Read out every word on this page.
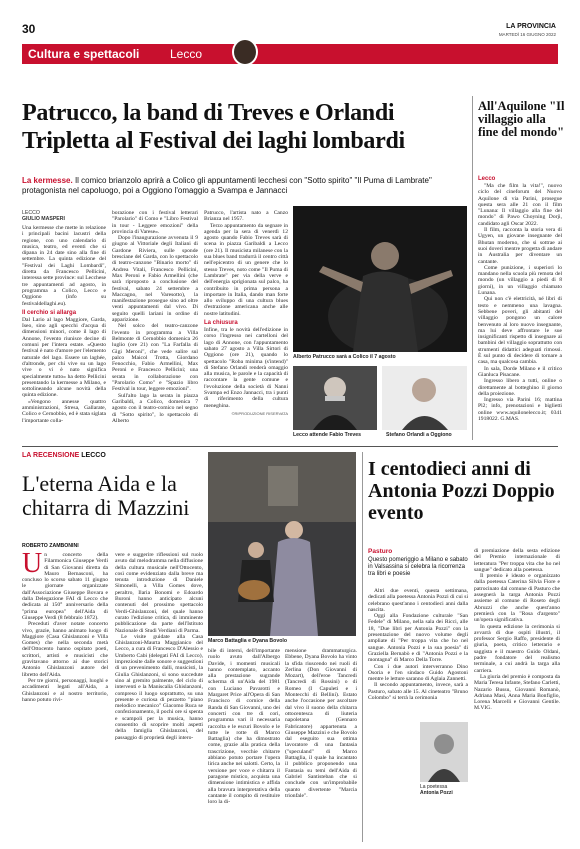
30	LA PROVINCIA
MARTEDÌ 16 GIUGNO 2022
Cultura e spettacoli	Lecco
Patrucco, la band di Treves e Orlandi
Tripletta al Festival dei laghi lombardi
La kermesse. Il comico brianzolo aprirà a Colico gli appuntamenti lecchesi con "Sotto spirito" "Il Puma di Lambrate" protagonista nel capoluogo, poi a Oggiono l'omaggio a Svampa e Jannacci
LECCO
GIULIO MASPERI

Una kermesse che mette in relazione i principali bacini lacustri della regione, con uno calendario di musica, teatro, ed eventi che si dipana in 24 date sino alla fine di settembre. La quinta edizione del "Festival dei Laghi Lombardi", diretta da Francesco Pellicini, interessa sette province: sul Lecchese tre appuntamenti ad agosto, in programma a Colico, Lecco e Oggiono (info su festivaldellaghi.eu).

Il cerchio si allarga

Dal Lario al lago Maggiore, Garda, Iseo, sino agli specchi d'acqua di dimensioni minori, come il lago di Annone, l'evento riunisce decine di comuni per l'intera estate. «Questo festival è nato d'amore per l'elemento naturale del lago. Essere un laghée, d'altronde, per chi vive su un lago vive o vi è nato significa specialmente tutto» ha detto Pellicini presentando la kermesse a Milano, e sottolineando alcune novità della quinta edizione.

«Vengono annesse quattro amministrazioni, Stresa, Gallarate, Colico e Cernobbio, ed è stata siglata l'importante colla-

borazione con i festival letterari "Parolario" di Como e "Libro Festival in tour - Leggere emozioni" della provincia di Varese».

Dopo l'inaugurazione avvenuta il 9 giugno al Vittoriale degli Italiani di Gardone Riviera, sulle sponde bresciane del Garda, con lo spettacolo di teatro-canzone "Binario morto" di Andrea Vitali, Francesco Pellicini, Max Peroni e Fabio Armellini (che sarà riproposto a conclusione del festival, sabato 24 settembre a Maccagno, nel Varesotto), la manifestazione prosegue sino ad oltre venti appuntamenti dal vivo. Di seguito quelli lariani in ordine di apparizione.

Nel solco del teatro-canzone l'evento in programma a Villa Belmonte di Cernobbio domenica 26 luglio (ore 21) con "La Farfalla di Gigi Meroni", che vede salire sul palco Maicol Trotta, Giordano Fenocchio, Fabio Armellini, Max Peroni e Francesco Pellicini; una serata in collaborazione con "Parolario Como" e "Spazio libro Festival in tour, leggere emozioni".

Sull'alto lago la serata in piazza Garibaldi, a Colico, domenica 7 agosto con il teatro-comico nel segno di "Sotto spirito", lo spettacolo di Alberto

Patrucco, l'artista nato a Canzo Brianza nel 1957.

Terzo appuntamento da segnare in agenda per la sera di venerdì 12 agosto quando Fabio Treves sarà di scena in piazza Garibaldi a Lecco (ore 21). Il musicista milanese con la sua blues band tradurrà il centro città nell'epicentro di un genere che lo stesso Treves, noto come "Il Puma di Lambrate" per via della verve e dell'energia sprigionata sul palco, ha contribuito in prima persona a importare in Italia, dando man forte allo sviluppo di una cultura blues d'estrazione americana anche alle nostre latitudini.

La chiusura

Infine, tra le novità dell'edizione in corso l'ingresso nei cartelloni del lago di Annone, con l'appuntamento sabato 27 agosto a Villa Sirtori di Oggiono (ore 21), quando lo spettacolo "Roba minima (s'intend)" di Stefano Orlandi renderà omaggio alla musica, le parole e la capacità di raccontare la gente comune e l'evoluzione della società di Nanni Svampa ed Enzo Jannacci, tra i punti di riferimento della cultura meneghina.

©RIPRODUZIONE RISERVATA
Alberto Patrucco sarà a Colico il 7 agosto
Lecco attende Fabio Treves	Stefano Orlandi a Oggiono
All'Aquilone "Il villaggio alla fine del mondo"
Lecco

"Ma che film la vita!", nuovo ciclo del cineforum del Nuovo Aquilone di via Parini, prosegue questa sera alle 21 con il film "Lunana: Il villaggio alla fine del mondo" di Pawo Choyning Dorji, candidato agli Oscar 2022.

Il film, racconta la storia vera di Ugyen, un giovane insegnante del Bhutan moderno, che si sottrae ai suoi doveri mentre progetta di andare in Australia per diventare un cantante.

Come punizione, i superiori lo mandano nella scuola più remota del mondo (un villaggio a piedi di 8 giorni), in un villaggio chiamato Lunana.

Qui non c'è elettricità, né libri di testo e nemmeno una lavagna. Sebbene poveri, gli abitanti del villaggio pongono un calore benvenuto al loro nuovo insegnante, ma lui deve affrontare le sue insignificanti rispetto di insegnare ai bambini del villaggio soprattutto con strumenti didattici adeguati rimossi. È sul punto di decidere di tornare a casa, ma qualcosa cambia.

In sala, Dorde Milano e il critico Gianluca Pisacane.

Ingresso libero a tutti, online o direttamente al botteghino il giorno della proiezione.

Ingresso via Parini 16; mattina Pl2; info, prenotazioni e biglietti online www.aquilonelecco.it; 0341 1918022. G.MAS.

LA RECENSIONE LECCO
L'eterna Aida e la chitarra di Mazzini
ROBERTO ZAMBONINI

Un concerto della Filarmonica Giuseppe Verdi di San Giovanni diretta da Mauro Bernasconi, ha concluso lo scorso sabato 11 giugno le giornate organizzate dall'Associazione Giuseppe Bovara e dalla Delegazione FAI di Lecco che dedicata al 150° anniversario della "prima europea" dell'Aida di Giuseppe Verdi (8 febbraio 1872).

Preceduti d'aver notate concerto vivo, grazie, hanno animato luogo di Maggiore (Casa Ghislanzoni e Villa Gomes) che nella seconda metà dell'Ottocento hanno ospitato poeti, scrittori, artisti e musicisti che gravitavano attorno ai due storici Antonio Ghislanzoni autore del libretto dell'Aida.

Per tre giorni, personaggi, luoghi e accadimenti legati all'Aida, a Ghislanzoni e al nostro territorio, hanno potuto rivi-

vere e suggerire riflessioni sul ruolo avuto dal melodramma nella diffusione della cultura musicale nell'Ottocento, così come evidenziato dalla breve ma tenuta introduzione di Daniele Simonelli, a Villa Gomes dove, peraltro, Ilaria Bonomi e Edoardo Buroni hanno anticipato alcuni contenuti del prossimo spettacolo Verdi-Ghislanzoni, del quale hanno curato l'edizione critica, di imminente pubblicazione da parte dell'Istituto Nazionale di Studi Verdiani di Parma.

Le visite guidate alla Casa Ghislanzoni-Maurta Maggianico del Lecco, a cura di Francesco D'Alessio e Umberto Cabi (delegati FAI di Lecco), impreziosite dalle sonore e suggestioni di un prevenimento dalli, musicisti, la Giulia Ghislanzoni, si sono succedute sino al gremito palmente, del ciclo di interventi e la Maniscalia Ghislanzoni, compreso il luogo soprattutto, su una presente e curiosa di pezzetto "piano melodico mecanico" Giacomo Ruca se confezionamento, il pochi ore si spenta e scampoli per la musica, hanno consentito di scoprire molti aspetti della famiglia Ghislanzoni, del passaggio di proprietà degli intero-

Marco Battaglia e Dyana Bovolo

bile di interni, dell'importante ruolo avuto dall'Albergo Davide, i momenti musicali hanno contemplato, accanto alla prestazione sugrande scherma di un'Aida del 1981 con Luciano Pavarotti e Margaret Price all'Opera di San Francisco di cornice della Randa di San Giovanni, uno dei concerti con tre di cori, programma vari il necessaria raccolta e le escuri Bovolo e le tutte le rotte di Marco Battaglia) che ha dimostrato come, grazie alla pratica della trascrizione, vecchie chitarre abbiano potuto portare l'opera lirica anche nei salotti. Certo, la versione per voce e chitarra il paragone mistico, acquista una dimensione intimistica e affida alla bravura interpretativa della cantante il compito di restituire loro la di-

mensione drammaturgica. Ebbene, Dyana Bovolo ha vinto la sfida riuscendo nei ruoli di Zerlina (Don Giovanni di Mozart), dell'eroe Tancredi (Tancredi di Rossini) o di Romeo (I Capuleti e i Montecchi di Bellini). Estato anche l'occasione per ascoltare dal vivo il suono della chitarra ottocentesca di liuteria napoletana (Gennaro Fabricatore) appartenuta a Giuseppe Mazzini e che Bovolo dal eseguito sua ottima lavoratore di una fantasia ("speculand" di Marco Battaglia, il quale ha incantato il pubblico proponendo una Fantasia su temi dell'Aida di Gabriel Santisteban che si conclude con un'improbabile quanto divertente "Marcia trionfale".

I centodieci anni di Antonia Pozzi Doppio evento
Pasturo
Questo pomeriggio a Milano e sabato in Valsassina si celebra la ricorrenza tra libri e poesie

Altri due eventi, questa settimana, dedicati alla poetessa Antonia Pozzi di cui si celebrano quest'anno i centodieci anni dalla nascita.

Oggi alla Fondazione culturale "San Fedele" di Milano, nella sala dei Ricci, alle 18, "Due libri per Antonia Pozzi" con la presentazione del nuovo volume degli ampliate di "Per troppa vita che ho nel sangue. Antonia Pozzi e la sua poesia" di Graziella Bernabò e di "Antonia Pozzi e la montagna" di Marco Della Torre.

Con i due autori interverranno Dino Osoria e l'en sindaco Guido Agostoni mentre le letture saranno di Aglaia Zannetti.

Il secondo appuntamento, invece, sarà a Pasturo, sabato alle 15. Al cineteatro "Bruno Colombo" si terrà la cerimonia

di premiazione della sesta edizione del Premio internazionale di letteratura "Per troppa vita che ho nel sangue" dedicato alla poetessa.

Il premio è ideato e organizzato dalla poetessa Caterina Silvia Fiore e patrocinato dal comune di Pasturo che assegnerà la targa Antonia Pozzi assieme al comune di Roseto degli Abruzzi che anche quest'anno premierà con la "Rosa d'argento" un'opera significativa.

In questa edizione la cerimonia si avvarrà di due ospiti illustri, il professor Sergio Raffo, presidente di giuria, poeta, critico letterario e saggista e il maestro Guido Oldani, padre fondatore del realismo terminale, a cui andrà la targa alla carriera.

La giuria del premio è composta da Maria Teresa Infante, Stefano Carletti, Nazario Bussu, Giovanni Romanò, Adriana Masi, Anna Maria Bonfiglio, Lorena Marcelli e Giovanni Gentile. M.VIG.

La poetessa
Antonia Pozzi
